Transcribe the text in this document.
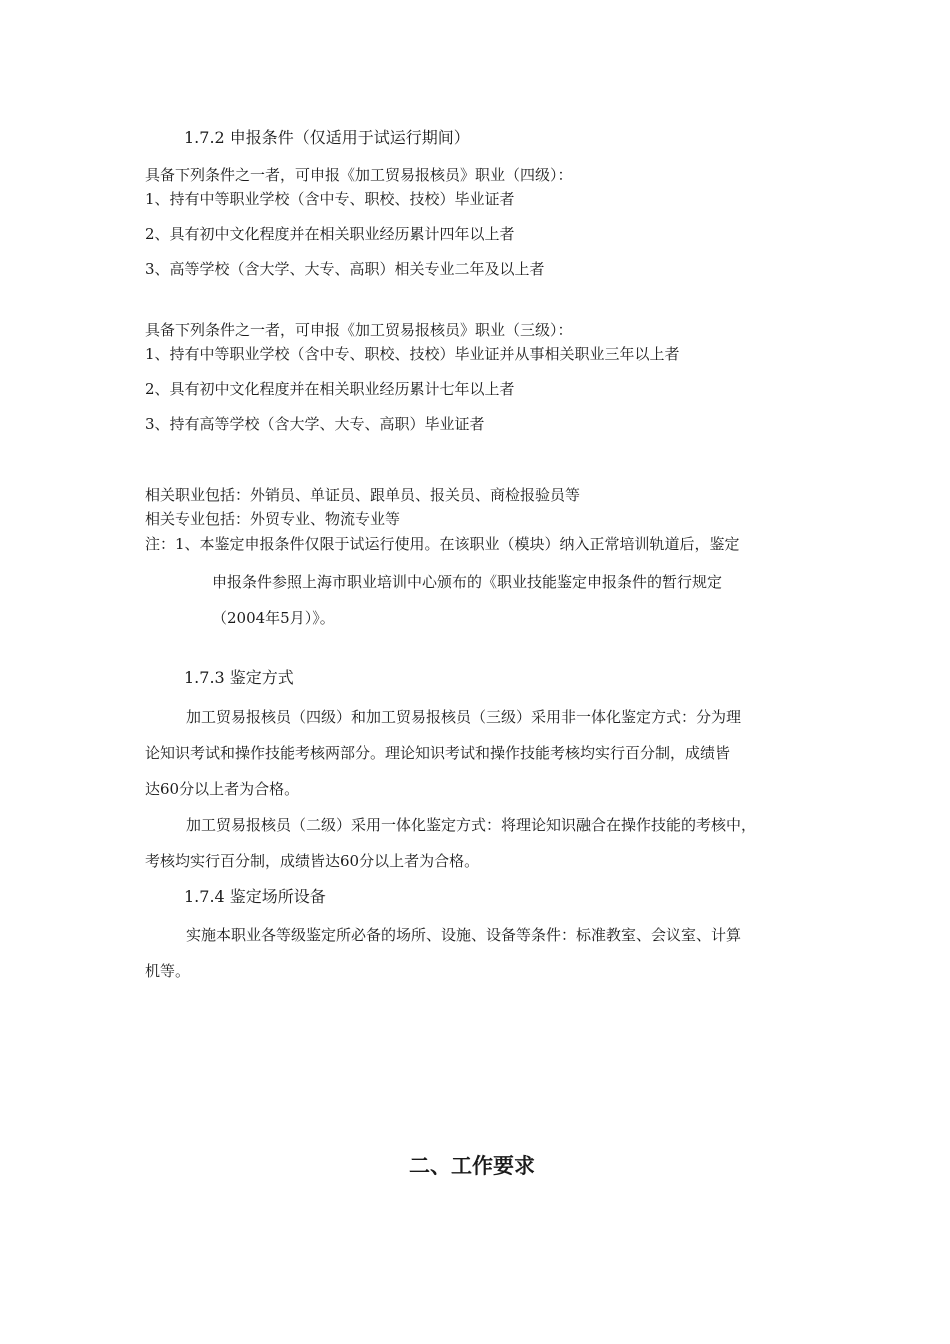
1.7.2 申报条件（仅适用于试运行期间）
具备下列条件之一者，可申报《加工贸易报核员》职业（四级）：
1、持有中等职业学校（含中专、职校、技校）毕业证者
2、具有初中文化程度并在相关职业经历累计四年以上者
3、高等学校（含大学、大专、高职）相关专业二年及以上者
具备下列条件之一者，可申报《加工贸易报核员》职业（三级）：
1、持有中等职业学校（含中专、职校、技校）毕业证并从事相关职业三年以上者
2、具有初中文化程度并在相关职业经历累计七年以上者
3、持有高等学校（含大学、大专、高职）毕业证者
相关职业包括：外销员、单证员、跟单员、报关员、商检报验员等
相关专业包括：外贸专业、物流专业等
注：1、本鉴定申报条件仅限于试运行使用。在该职业（模块）纳入正常培训轨道后，鉴定
申报条件参照上海市职业培训中心颁布的《职业技能鉴定申报条件的暂行规定
（2004年5月）》。
1.7.3 鉴定方式
加工贸易报核员（四级）和加工贸易报核员（三级）采用非一体化鉴定方式：分为理
论知识考试和操作技能考核两部分。理论知识考试和操作技能考核均实行百分制，成绩皆
达60分以上者为合格。
加工贸易报核员（二级）采用一体化鉴定方式：将理论知识融合在操作技能的考核中，
考核均实行百分制，成绩皆达60分以上者为合格。
1.7.4 鉴定场所设备
实施本职业各等级鉴定所必备的场所、设施、设备等条件：标准教室、会议室、计算
机等。
二、工作要求
